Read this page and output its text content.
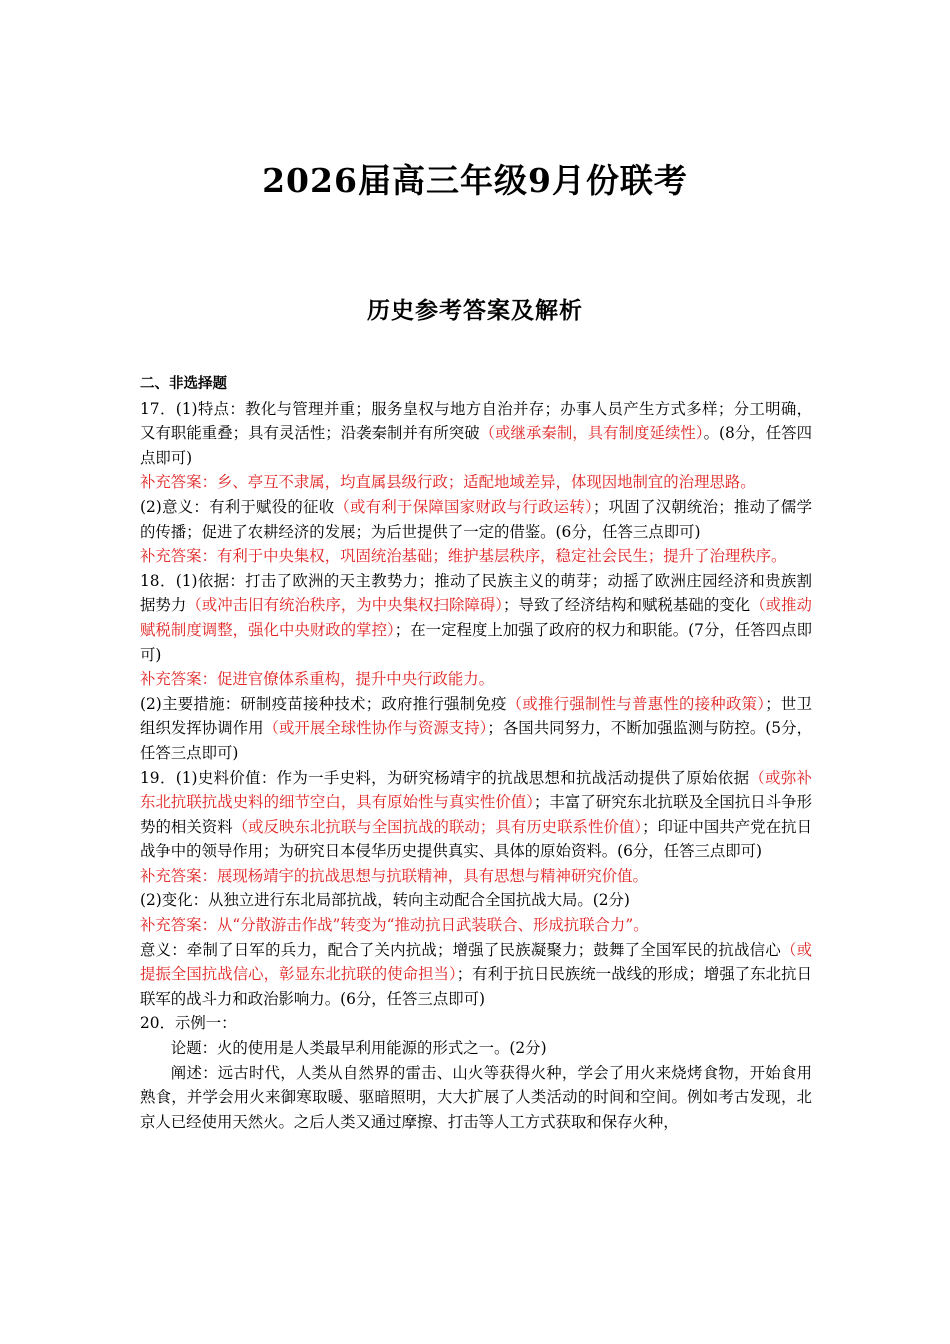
2026届高三年级9月份联考
历史参考答案及解析

二、非选择题

17．(1)特点：教化与管理并重；服务皇权与地方自治并存；办事人员产生方式多样；分工明确，又有职能重叠；具有灵活性；沿袭秦制并有所突破（或继承秦制，具有制度延续性）。(8分，任答四点即可)

补充答案：乡、亭互不隶属，均直属县级行政；适配地域差异，体现因地制宜的治理思路。

(2)意义：有利于赋役的征收（或有利于保障国家财政与行政运转）；巩固了汉朝统治；推动了儒学的传播；促进了农耕经济的发展；为后世提供了一定的借鉴。(6分，任答三点即可)

补充答案：有利于中央集权，巩固统治基础；维护基层秩序，稳定社会民生；提升了治理秩序。

18．(1)依据：打击了欧洲的天主教势力；推动了民族主义的萌芽；动摇了欧洲庄园经济和贵族割据势力（或冲击旧有统治秩序，为中央集权扫除障碍）；导致了经济结构和赋税基础的变化（或推动赋税制度调整，强化中央财政的掌控）；在一定程度上加强了政府的权力和职能。(7分，任答四点即可)

补充答案：促进官僚体系重构，提升中央行政能力。

(2)主要措施：研制疫苗接种技术；政府推行强制免疫（或推行强制性与普惠性的接种政策）；世卫组织发挥协调作用（或开展全球性协作与资源支持）；各国共同努力，不断加强监测与防控。(5分，任答三点即可)

19．(1)史料价值：作为一手史料，为研究杨靖宇的抗战思想和抗战活动提供了原始依据（或弥补东北抗联抗战史料的细节空白，具有原始性与真实性价值）；丰富了研究东北抗联及全国抗日斗争形势的相关资料（或反映东北抗联与全国抗战的联动；具有历史联系性价值）；印证中国共产党在抗日战争中的领导作用；为研究日本侵华历史提供真实、具体的原始资料。(6分，任答三点即可)

补充答案：展现杨靖宇的抗战思想与抗联精神，具有思想与精神研究价值。

(2)变化：从独立进行东北局部抗战，转向主动配合全国抗战大局。(2分)

补充答案：从“分散游击作战”转变为“推动抗日武装联合、形成抗联合力”。

意义：牵制了日军的兵力，配合了关内抗战；增强了民族凝聚力；鼓舞了全国军民的抗战信心（或提振全国抗战信心，彰显东北抗联的使命担当）；有利于抗日民族统一战线的形成；增强了东北抗日联军的战斗力和政治影响力。(6分，任答三点即可)

20．示例一：

论题：火的使用是人类最早利用能源的形式之一。(2分)

阐述：远古时代，人类从自然界的雷击、山火等获得火种，学会了用火来烧烤食物，开始食用熟食，并学会用火来御寒取暖、驱暗照明，大大扩展了人类活动的时间和空间。例如考古发现，北京人已经使用天然火。之后人类又通过摩擦、打击等人工方式获取和保存火种，
